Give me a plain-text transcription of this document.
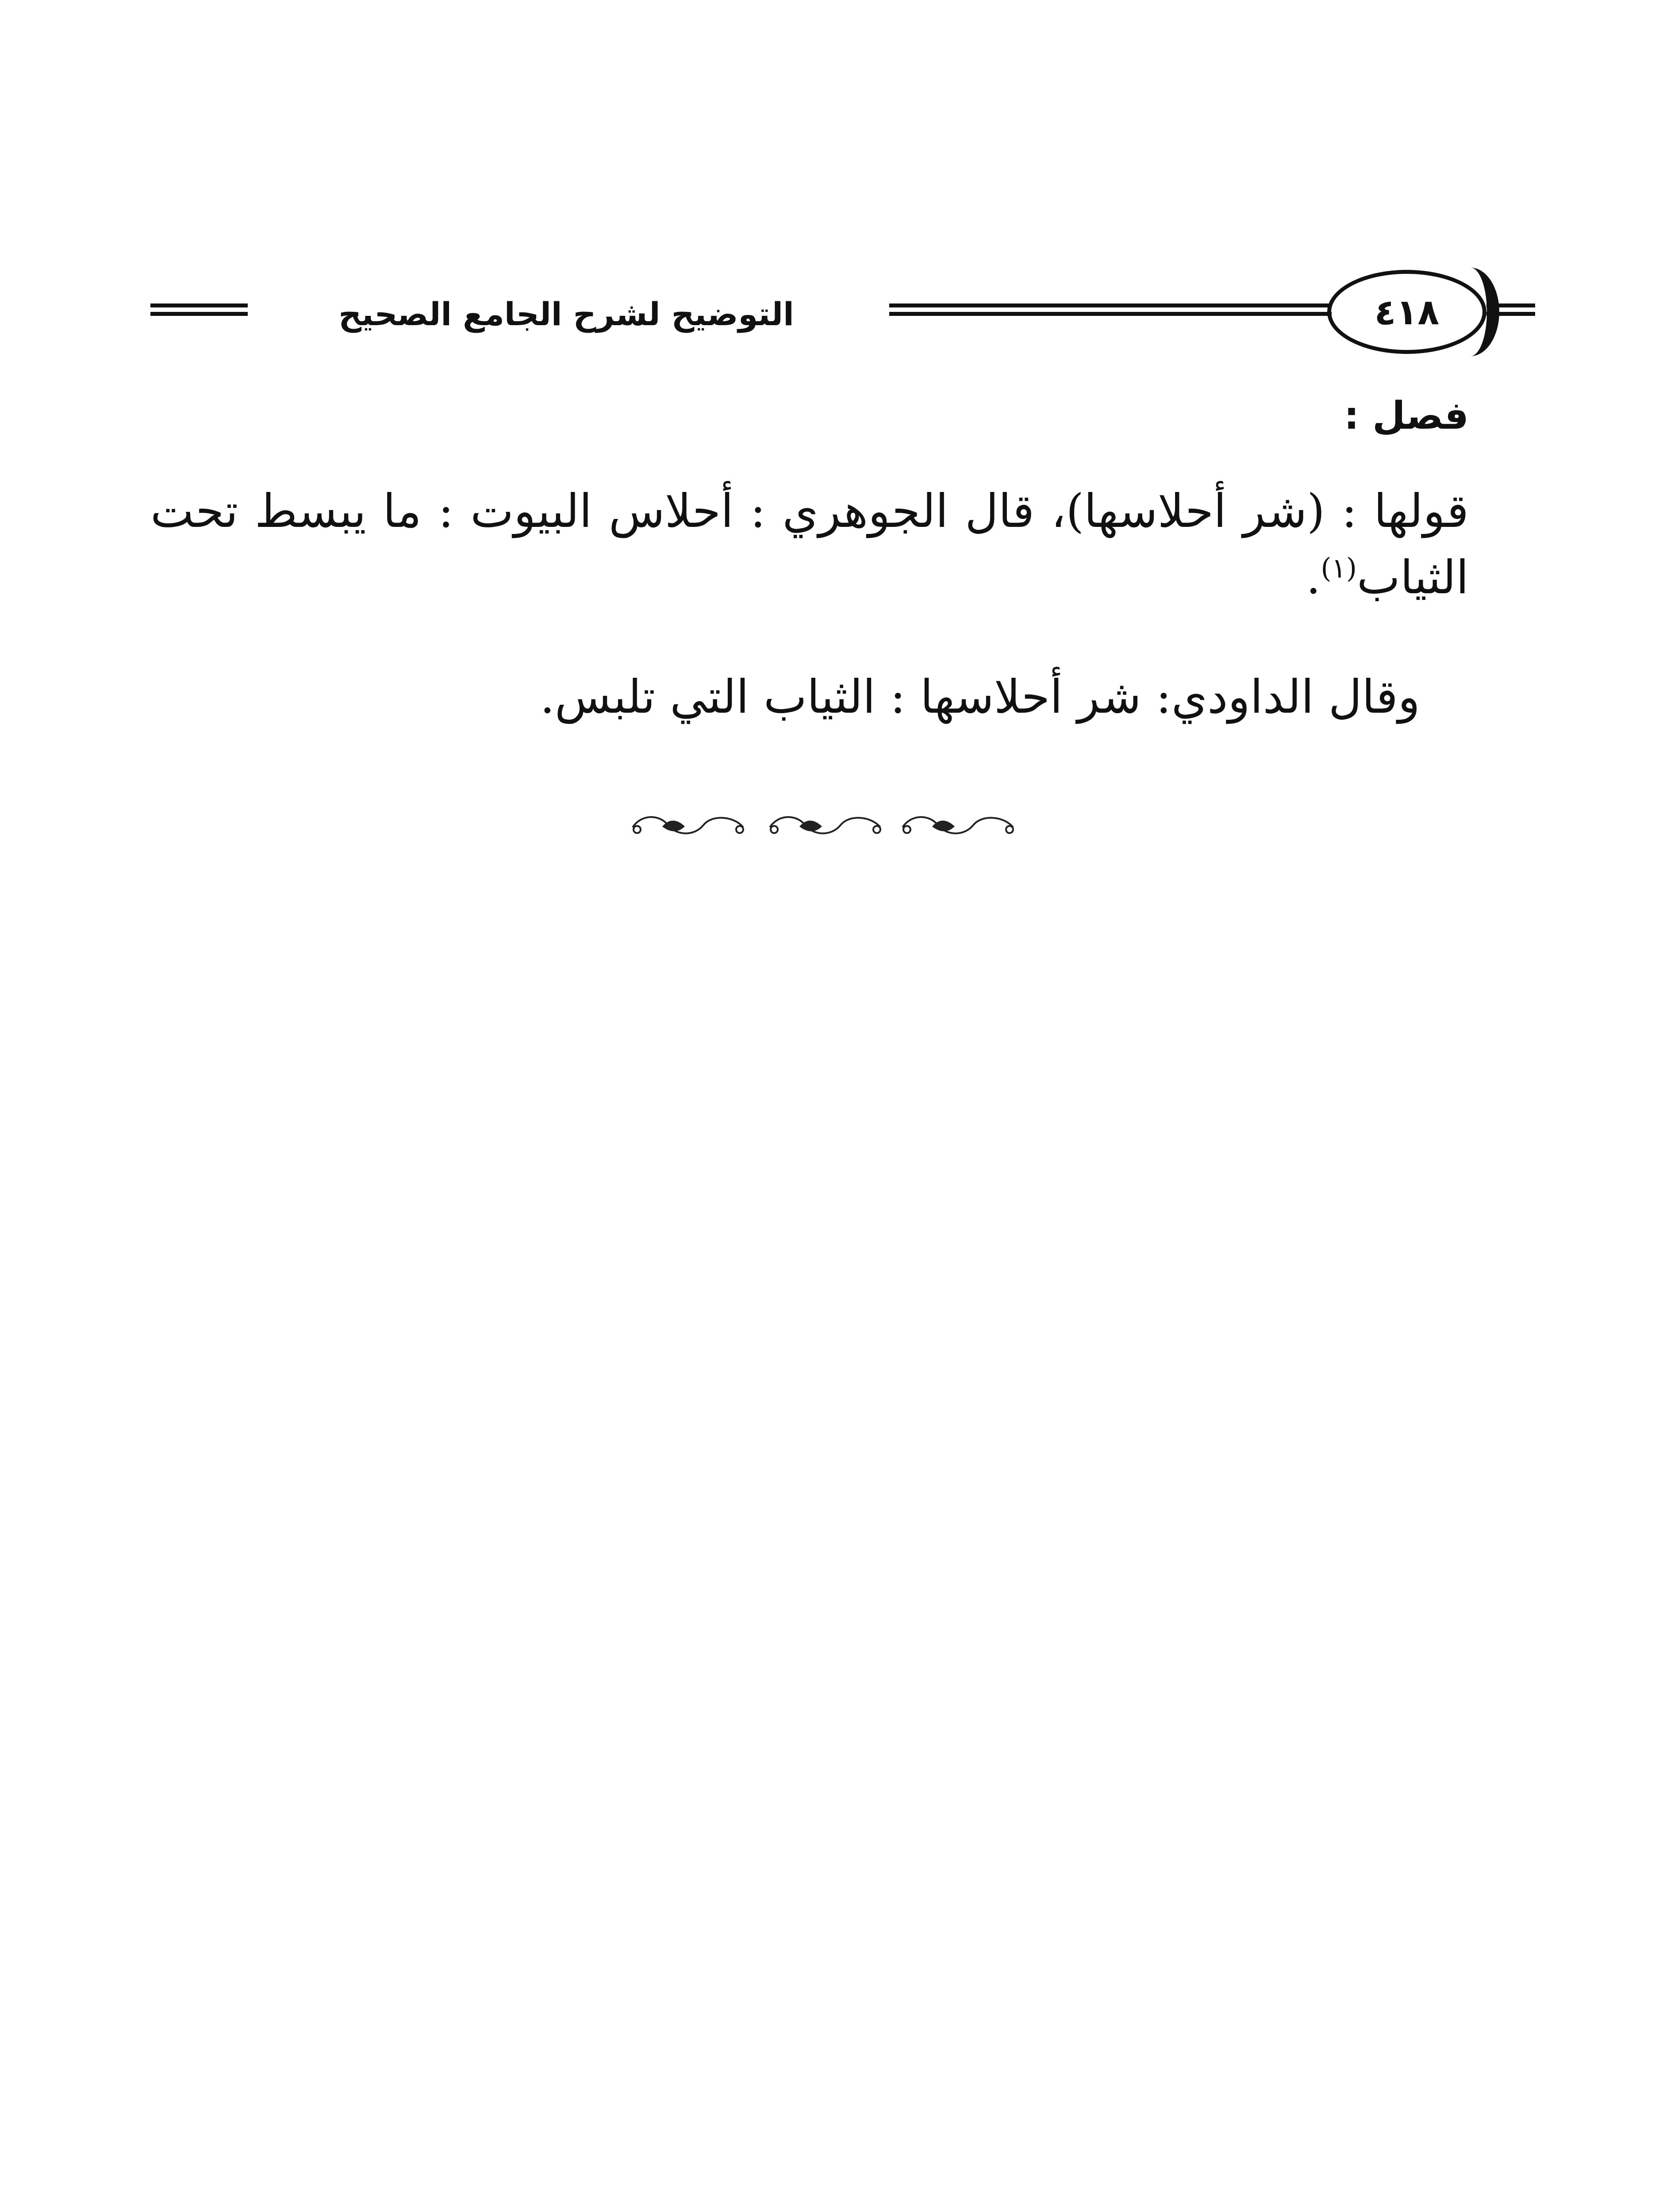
التوضيح لشرح الجامع الصحيح	٤١٨
فصل :
قولها : (شر أحلاسها)، قال الجوهري : أحلاس البيوت : ما يبسط تحت الثياب$^{(١)}$.
وقال الداودي: شر أحلاسها : الثياب التي تلبس.
